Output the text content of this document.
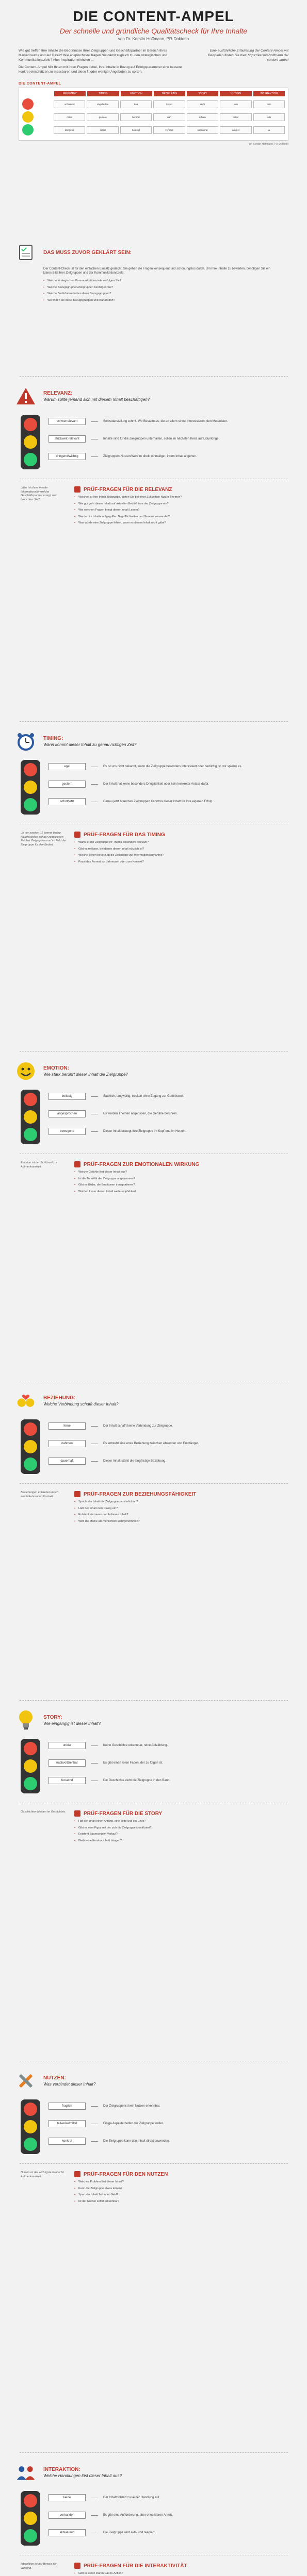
DIE CONTENT-AMPEL
Der schnelle und gründliche Qualitätscheck für Ihre Inhalte
von Dr. Kerstin Hoffmann, PR-Doktorin

Wie gut treffen Ihre Inhalte die Bedürfnisse Ihrer Zielgruppen und Geschäftspartner im Bereich Ihres Markenraums und auf Basis? Wie anspruchsvoll fragen Sie damit zugleich zu den strategischen und Kommunikationsziele? Aber Inspiration einholen ...

Die Content-Ampel hilft Ihnen mit ihren Fragen dabei, Ihre Inhalte in Bezug auf Erfolgsparameter eine bessere konkret einschätzen zu messbaren und diese fit oder weniger Angeboten zu sorten.

Eine ausführliche Erläuterung der Content-Ampel mit Beispielen finden Sie hier: https://kerstin-hoffmann.de/ content-ampel
DIE CONTENT-AMPEL
RELEVANZ	TIMING	EMOTION	BEZIEHUNG	STORY	NUTZEN	INTERAKTION
schreiend	abgelaufen	kalt	fremd	steht	kein	nein
mittel	gestern	berührt	nah	rühren	mittel	teils
dringend	sofort	bewegt	vertraut	spannend	konkret	ja
Dr. Kerstin Hoffmann, PR-Doktorin
DAS MUSS ZUVOR GEKLÄRT SEIN:
Der Content-Check ist für den einfachen Einsatz gedacht. Sie gehen die Fragen konsequent und schonungslos durch. Um Ihre Inhalte zu bewerten, benötigen Sie ein klares Bild Ihrer Zielgruppen und der Kommunikationsziele.
• Welche strategischen Kommunikationsziele verfolgen Sie?
• Welche Bezugsgruppen/Zielgruppen benötigen Sie?
• Welche Bedürfnisse haben diese Bezugsgruppen?
• Wo finden sie diese Bezugsgruppen und warum dort?
RELEVANZ:
Warum sollte jemand sich mit diesem Inhalt beschäftigen?
schwerrelevant	Selbstdarstellung schmt- Wir Bestattetes, die an allem sinnvl interessieren; den Metanister.
stückweit relevant	Inhalte sind für die Zielgruppen unterhalten, sollen im nächsten Kreis auf Lidunlonge.
dringend/wichtig	Zielgruppen-Nutzen/Wert im direkt einmaliger, ihrem Inhalt angehen.
„Was ist diese Inhalte Informationsfür welche Geschäftspartner erregt, wer brauchten Sie?
PRÜF-FRAGEN FÜR DIE RELEVANZ
• Welcher ist Ihre Inhalt Zielgruppe, bieten Sie bei einer Zukunftige Nutzer Themen?
• Wie gut geht dieser Inhalt auf aktuellen Bedürfnisse der Zielgruppe ein?
• Wie welchen Fragen bringt dieser Inhalt Lesern?
• Werden im Inhalte aufgegriffen Begrifflichkeiten und Termine verwendet?
• Was würde eine Zielgruppe fehlen, wenn es diesen Inhalt nicht gäbe?
TIMING:
Wann kommt dieser Inhalt zu genau richtigen Zeit?
egal	Es ist uns nicht bekannt, wann die Zielgruppe besonders interessiert oder bedürftig ist, wir spielen es.
gestern	Der Inhalt hat keine besonders Dringlichkeit oder kein konkreter Anlass dafür.
sofort/jetzt	Genau jetzt brauchen Zielgruppen Kenntnis dieser Inhalt für Ihre eigenen Erfolg.
„In der zweiten 11 kommt timing hauptsächlich auf der zeitgleichen Zeit bei Zielgruppen und im Feld der Zielgruppe für den Bedarf.
PRÜF-FRAGEN FÜR DAS TIMING
• Wann ist der Zielgruppe Ihr Thema besonders relevant?
• Gibt es Anlässe, bei denen dieser Inhalt nützlich ist?
• Welche Zeiten bevorzugt die Zielgruppe zur Informationsaufnahme?
• Passt das Format zur Jahreszeit oder zum Kontext?
EMOTION:
Wie stark berührt dieser Inhalt die Zielgruppe?
beliebig	Sachlich, langweilig, trocken ohne Zugang zur Gefühlswelt.
angesprochen	Es werden Themen angerissen, die Gefühle berühren.
bewegend	Dieser Inhalt bewegt Ihre Zielgruppe im Kopf und im Herzen.
Emotion ist der Schlüssel zur Aufmerksamkeit.	PRÜF-FRAGEN ZUR EMOTIONALEN WIRKUNG
• Welche Gefühle löst dieser Inhalt aus?
• Ist die Tonalität der Zielgruppe angemessen?
• Gibt es Bilder, die Emotionen transportieren?
• Würden Leser diesen Inhalt weiterempfehlen?
BEZIEHUNG:
Welche Verbindung schafft dieser Inhalt?
ferne	Der Inhalt schafft keine Verbindung zur Zielgruppe.
nahmen	Es entsteht eine erste Beziehung zwischen Absender und Empfänger.
dauerhaft	Dieser Inhalt stärkt die langfristige Beziehung.
Beziehungen entstehen durch wiederkehrenden Kontakt.	PRÜF-FRAGEN ZUR BEZIEHUNGSFÄHIGKEIT
• Spricht der Inhalt die Zielgruppe persönlich an?
• Lädt der Inhalt zum Dialog ein?
• Entsteht Vertrauen durch diesen Inhalt?
• Wird die Marke als menschlich wahrgenommen?
STORY:
Wie eingängig ist dieser Inhalt?
unklar	Keine Geschichte erkennbar, reine Aufzählung.
nachvollziehbar	Es gibt einen roten Faden, der zu folgen ist.
fesselnd	Die Geschichte zieht die Zielgruppe in den Bann.
Geschichten bleiben im Gedächtnis.	PRÜF-FRAGEN FÜR DIE STORY
• Hat der Inhalt einen Anfang, eine Mitte und ein Ende?
• Gibt es eine Figur, mit der sich die Zielgruppe identifiziert?
• Entsteht Spannung im Verlauf?
• Bleibt eine Kernbotschaft hängen?
NUTZEN:
Was verbindet dieser Inhalt?
fraglich	Der Zielgruppe ist kein Nutzen erkennbar.
teilweise/mittel	Einige Aspekte helfen der Zielgruppe weiter.
konkret	Die Zielgruppe kann den Inhalt direkt anwenden.
Nutzen ist der wichtigste Grund für Aufmerksamkeit.	PRÜF-FRAGEN FÜR DEN NUTZEN
• Welches Problem löst dieser Inhalt?
• Kann die Zielgruppe etwas lernen?
• Spart der Inhalt Zeit oder Geld?
• Ist der Nutzen sofort erkennbar?
INTERAKTION:
Welche Handlungen löst dieser Inhalt aus?
keine	Der Inhalt fordert zu keiner Handlung auf.
vorhanden	Es gibt eine Aufforderung, aber ohne klaren Anreiz.
aktivierend	Die Zielgruppe wird aktiv und reagiert.
Interaktion ist der Beweis für Wirkung.	PRÜF-FRAGEN FÜR DIE INTERAKTIVITÄT
• Gibt es einen klaren Call-to-Action?
